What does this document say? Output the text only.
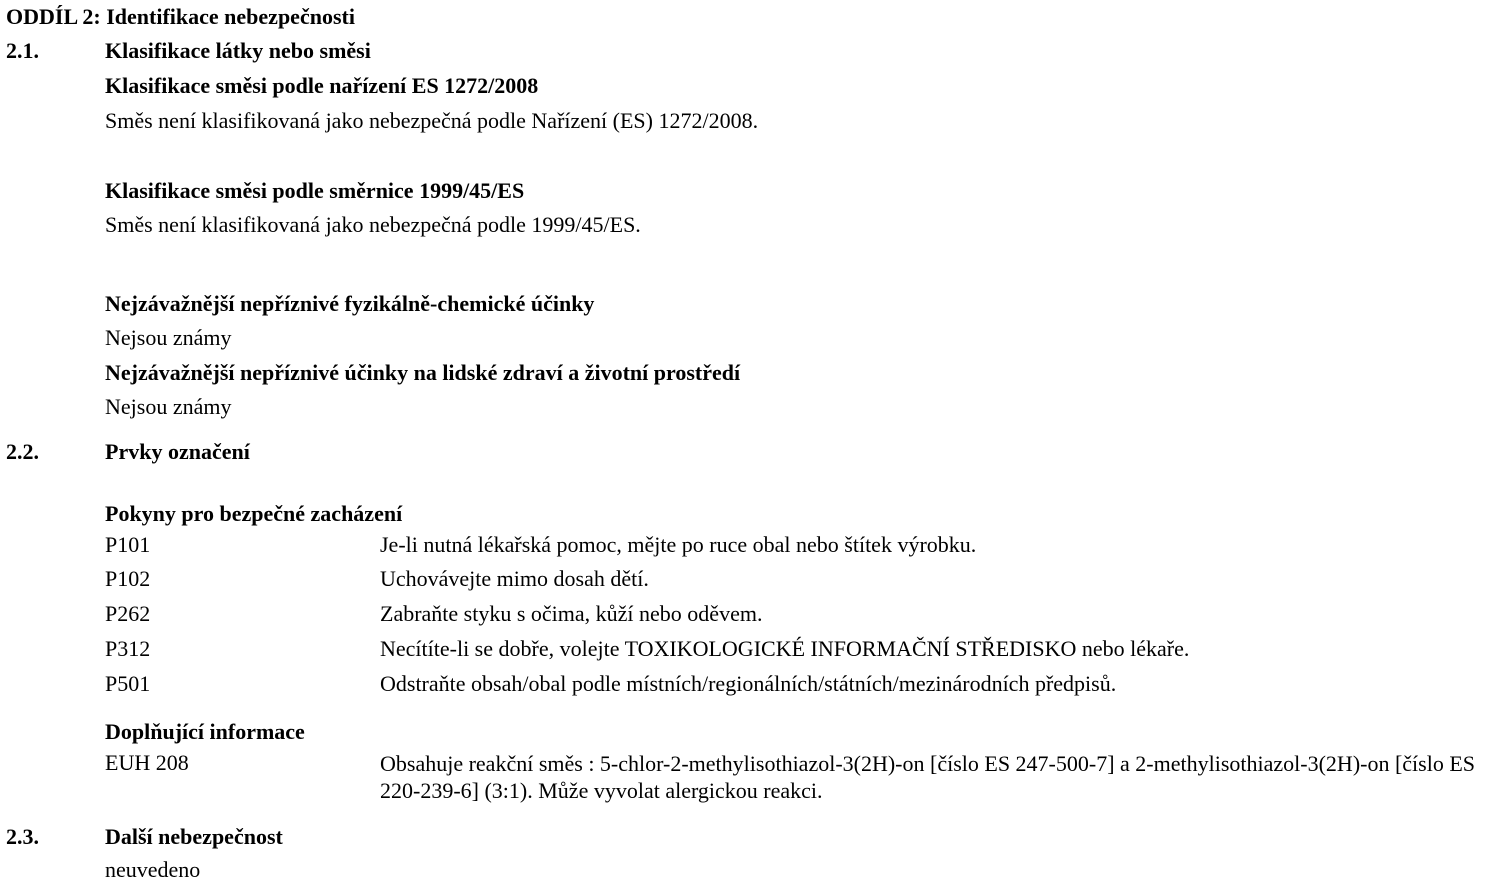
ODDÍL 2: Identifikace nebezpečnosti
2.1.	Klasifikace látky nebo směsi
Klasifikace směsi podle nařízení ES 1272/2008
Směs není klasifikovaná jako nebezpečná podle Nařízení (ES) 1272/2008.
Klasifikace směsi podle směrnice 1999/45/ES
Směs není klasifikovaná jako nebezpečná podle 1999/45/ES.
Nejzávažnější nepříznivé fyzikálně-chemické účinky
Nejsou známy
Nejzávažnější nepříznivé účinky na lidské zdraví a životní prostředí
Nejsou známy
2.2.	Prvky označení
Pokyny pro bezpečné zacházení
P101	Je-li nutná lékařská pomoc, mějte po ruce obal nebo štítek výrobku.
P102	Uchovávejte mimo dosah dětí.
P262	Zabraňte styku s očima, kůží nebo oděvem.
P312	Necítíte-li se dobře, volejte TOXIKOLOGICKÉ INFORMAČNÍ STŘEDISKO nebo lékaře.
P501	Odstraňte obsah/obal podle místních/regionálních/státních/mezinárodních předpisů.
Doplňující informace
EUH 208	Obsahuje reakční směs : 5-chlor-2-methylisothiazol-3(2H)-on [číslo ES 247-500-7] a 2-methylisothiazol-3(2H)-on [číslo ES 220-239-6] (3:1). Může vyvolat alergickou reakci.
2.3.	Další nebezpečnost
neuvedeno
